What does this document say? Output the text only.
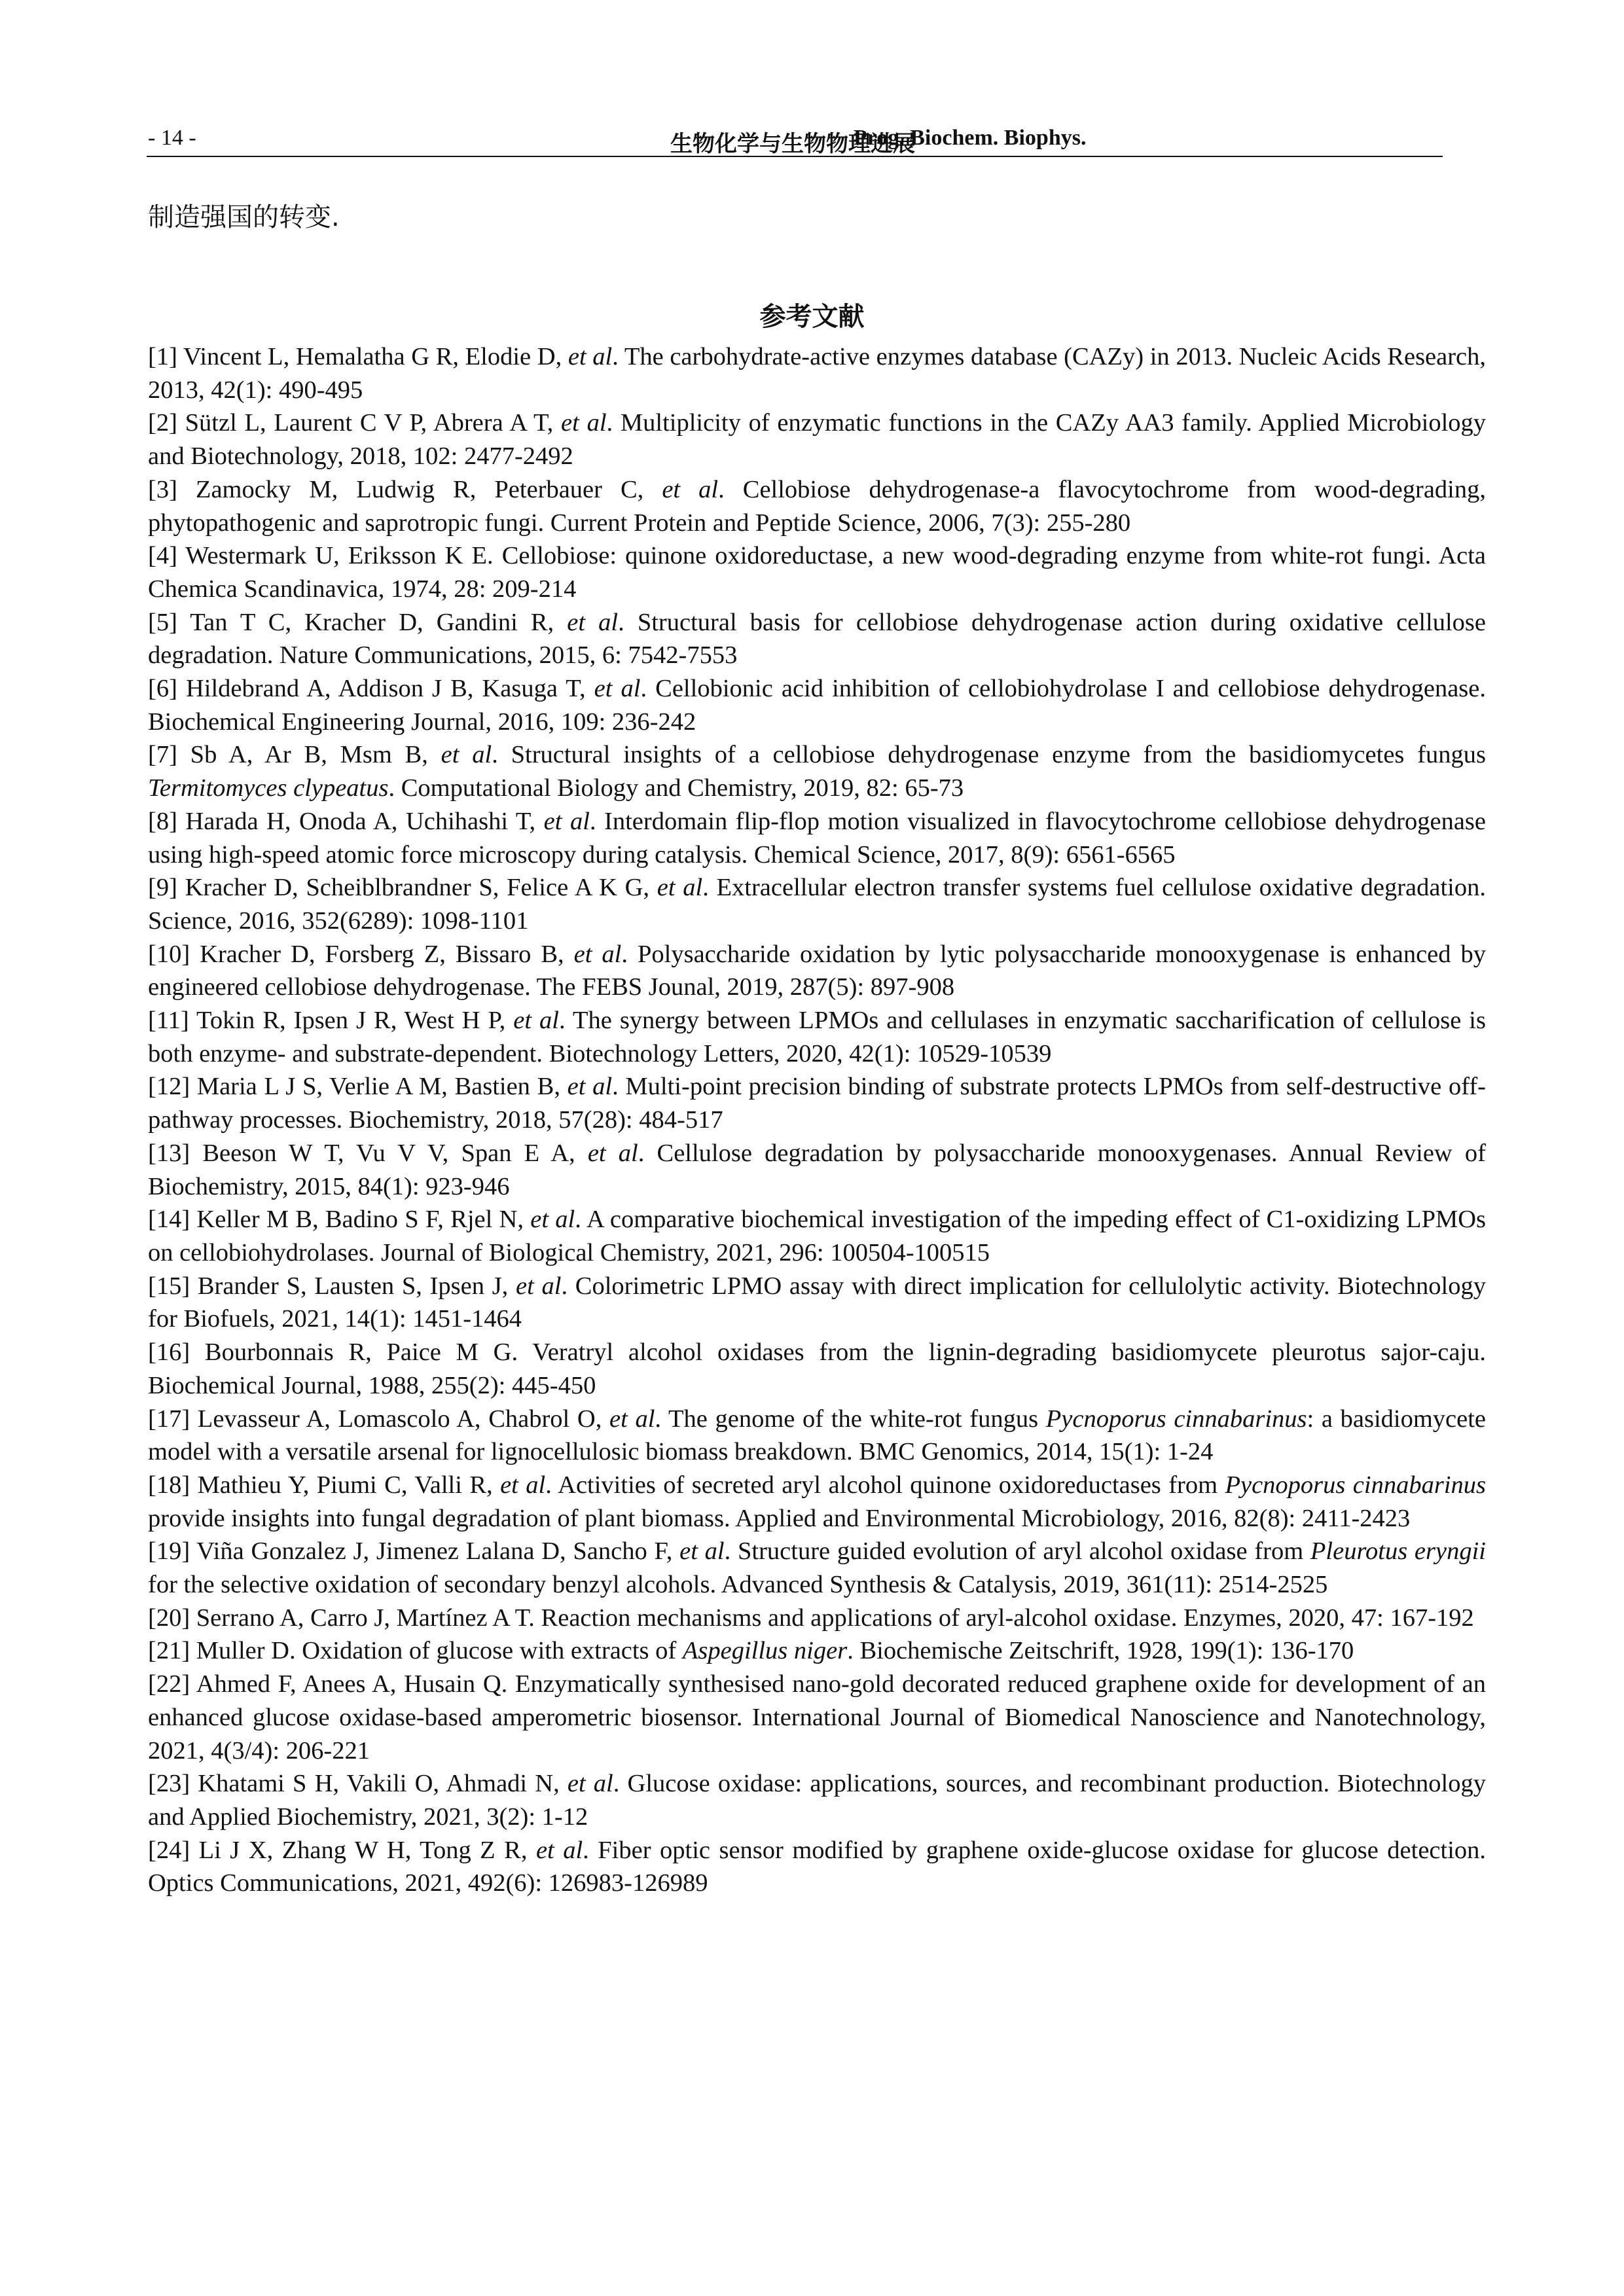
- 14 -	生物化学与生物物理进展
Prog. Biochem. Biophys.
制造强国的转变.
参考文献

[1] Vincent L, Hemalatha G R, Elodie D, et al. The carbohydrate-active enzymes database (CAZy) in 2013. Nucleic Acids Research, 2013, 42(1): 490-495

[2] Sützl L, Laurent C V P, Abrera A T, et al. Multiplicity of enzymatic functions in the CAZy AA3 family. Applied Microbiology and Biotechnology, 2018, 102: 2477-2492

[3] Zamocky M, Ludwig R, Peterbauer C, et al. Cellobiose dehydrogenase-a flavocytochrome from wood-degrading, phytopathogenic and saprotropic fungi. Current Protein and Peptide Science, 2006, 7(3): 255-280

[4] Westermark U, Eriksson K E. Cellobiose: quinone oxidoreductase, a new wood-degrading enzyme from white-rot fungi. Acta Chemica Scandinavica, 1974, 28: 209-214

[5] Tan T C, Kracher D, Gandini R, et al. Structural basis for cellobiose dehydrogenase action during oxidative cellulose degradation. Nature Communications, 2015, 6: 7542-7553

[6] Hildebrand A, Addison J B, Kasuga T, et al. Cellobionic acid inhibition of cellobiohydrolase I and cellobiose dehydrogenase. Biochemical Engineering Journal, 2016, 109: 236-242

[7] Sb A, Ar B, Msm B, et al. Structural insights of a cellobiose dehydrogenase enzyme from the basidiomycetes fungus Termitomyces clypeatus. Computational Biology and Chemistry, 2019, 82: 65-73

[8] Harada H, Onoda A, Uchihashi T, et al. Interdomain flip-flop motion visualized in flavocytochrome cellobiose dehydrogenase using high-speed atomic force microscopy during catalysis. Chemical Science, 2017, 8(9): 6561-6565

[9] Kracher D, Scheiblbrandner S, Felice A K G, et al. Extracellular electron transfer systems fuel cellulose oxidative degradation. Science, 2016, 352(6289): 1098-1101

[10] Kracher D, Forsberg Z, Bissaro B, et al. Polysaccharide oxidation by lytic polysaccharide monooxygenase is enhanced by engineered cellobiose dehydrogenase. The FEBS Jounal, 2019, 287(5): 897-908

[11] Tokin R, Ipsen J R, West H P, et al. The synergy between LPMOs and cellulases in enzymatic saccharification of cellulose is both enzyme- and substrate-dependent. Biotechnology Letters, 2020, 42(1): 10529-10539

[12] Maria L J S, Verlie A M, Bastien B, et al. Multi-point precision binding of substrate protects LPMOs from self-destructive off-pathway processes. Biochemistry, 2018, 57(28): 484-517

[13] Beeson W T, Vu V V, Span E A, et al. Cellulose degradation by polysaccharide monooxygenases. Annual Review of Biochemistry, 2015, 84(1): 923-946

[14] Keller M B, Badino S F, Rjel N, et al. A comparative biochemical investigation of the impeding effect of C1-oxidizing LPMOs on cellobiohydrolases. Journal of Biological Chemistry, 2021, 296: 100504-100515

[15] Brander S, Lausten S, Ipsen J, et al. Colorimetric LPMO assay with direct implication for cellulolytic activity. Biotechnology for Biofuels, 2021, 14(1): 1451-1464

[16] Bourbonnais R, Paice M G. Veratryl alcohol oxidases from the lignin-degrading basidiomycete pleurotus sajor-caju. Biochemical Journal, 1988, 255(2): 445-450

[17] Levasseur A, Lomascolo A, Chabrol O, et al. The genome of the white-rot fungus Pycnoporus cinnabarinus: a basidiomycete model with a versatile arsenal for lignocellulosic biomass breakdown. BMC Genomics, 2014, 15(1): 1-24

[18] Mathieu Y, Piumi C, Valli R, et al. Activities of secreted aryl alcohol quinone oxidoreductases from Pycnoporus cinnabarinus provide insights into fungal degradation of plant biomass. Applied and Environmental Microbiology, 2016, 82(8): 2411-2423

[19] Viña Gonzalez J, Jimenez Lalana D, Sancho F, et al. Structure guided evolution of aryl alcohol oxidase from Pleurotus eryngii for the selective oxidation of secondary benzyl alcohols. Advanced Synthesis & Catalysis, 2019, 361(11): 2514-2525

[20] Serrano A, Carro J, Martínez A T. Reaction mechanisms and applications of aryl-alcohol oxidase. Enzymes, 2020, 47: 167-192

[21] Muller D. Oxidation of glucose with extracts of Aspegillus niger. Biochemische Zeitschrift, 1928, 199(1): 136-170

[22] Ahmed F, Anees A, Husain Q. Enzymatically synthesised nano-gold decorated reduced graphene oxide for development of an enhanced glucose oxidase-based amperometric biosensor. International Journal of Biomedical Nanoscience and Nanotechnology, 2021, 4(3/4): 206-221

[23] Khatami S H, Vakili O, Ahmadi N, et al. Glucose oxidase: applications, sources, and recombinant production. Biotechnology and Applied Biochemistry, 2021, 3(2): 1-12

[24] Li J X, Zhang W H, Tong Z R, et al. Fiber optic sensor modified by graphene oxide-glucose oxidase for glucose detection. Optics Communications, 2021, 492(6): 126983-126989
